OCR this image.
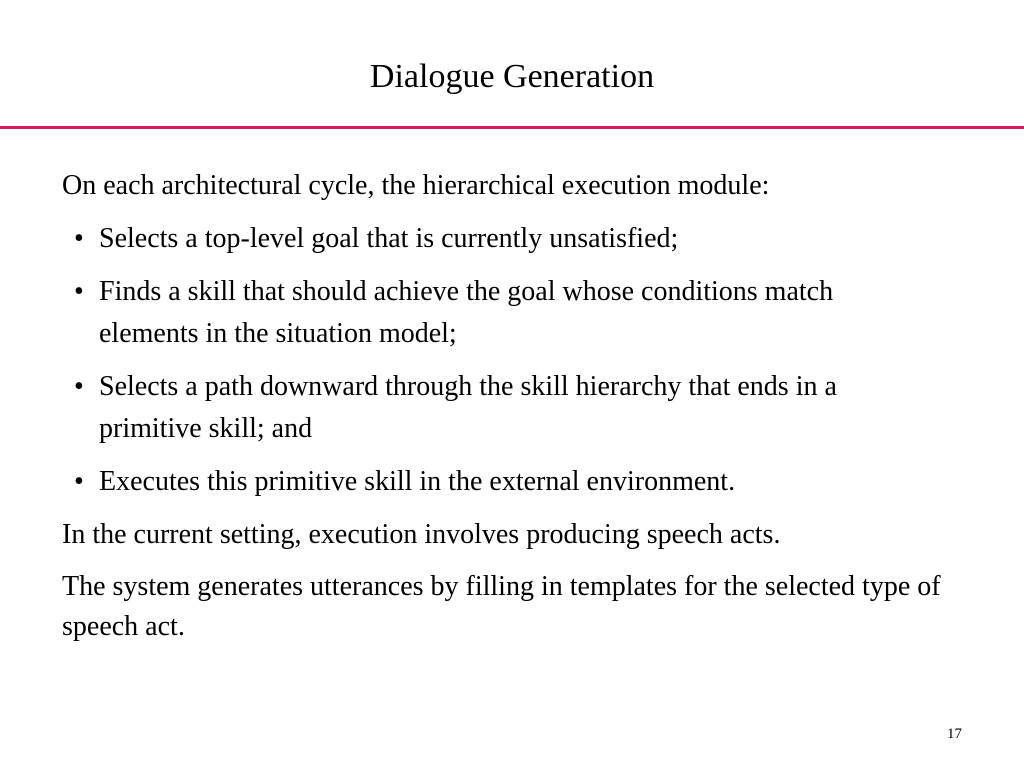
Dialogue Generation

On each architectural cycle, the hierarchical execution module:

• Selects a top-level goal that is currently unsatisfied;
• Finds a skill that should achieve the goal whose conditions match elements in the situation model;
• Selects a path downward through the skill hierarchy that ends in a primitive skill; and
• Executes this primitive skill in the external environment.

In the current setting, execution involves producing speech acts.

The system generates utterances by filling in templates for the selected type of speech act.

17
